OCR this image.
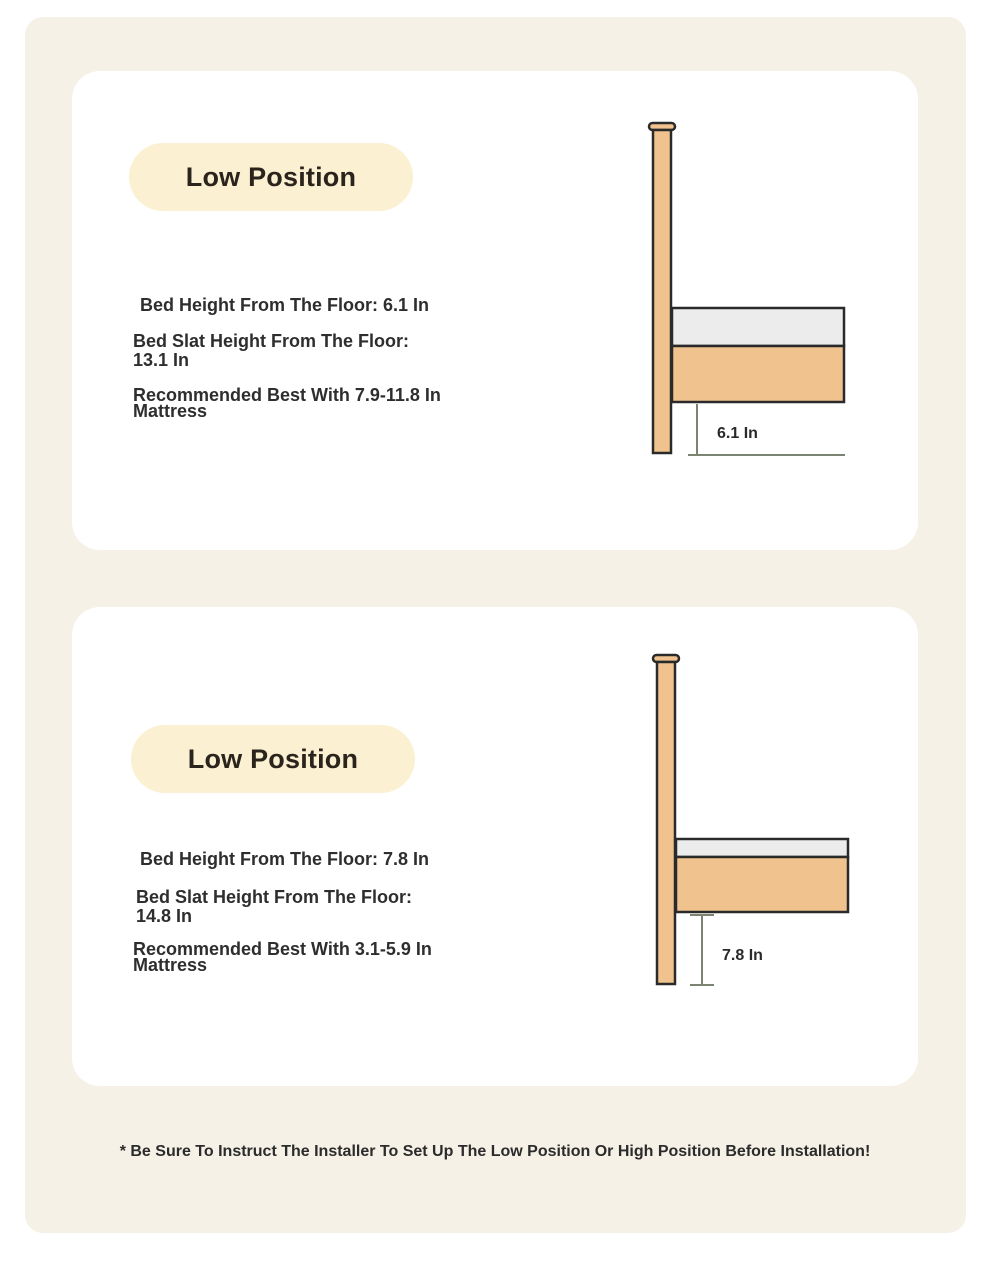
Low Position
Bed Height From The Floor: 6.1 In
Bed Slat Height From The Floor:
13.1 In
Recommended Best With 7.9-11.8 In
Mattress
6.1 In
Low Position
Bed Height From The Floor: 7.8 In
Bed Slat Height From The Floor:
14.8 In
Recommended Best With 3.1-5.9 In
Mattress	7.8 In
* Be Sure To Instruct The Installer To Set Up The Low Position Or High Position Before Installation!
